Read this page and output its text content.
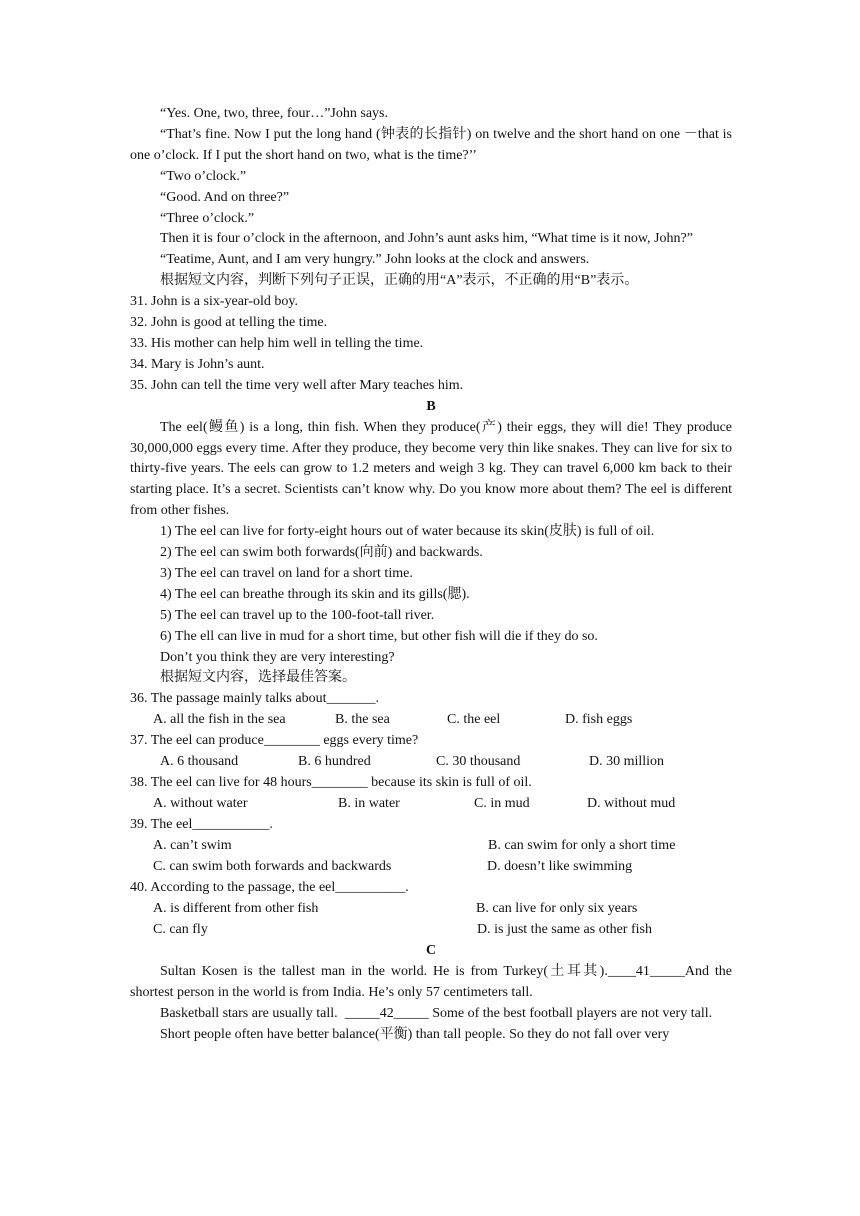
“Yes. One, two, three, four…”John says.

“That’s fine. Now I put the long hand (钟表的长指针) on twelve and the short hand on one －that is one o’clock. If I put the short hand on two, what is the time?’’

“Two o’clock.”

“Good. And on three?”

“Three o’clock.”

Then it is four o’clock in the afternoon, and John’s aunt asks him, “What time is it now, John?”

“Teatime, Aunt, and I am very hungry.” John looks at the clock and answers.

根据短文内容，判断下列句子正误，正确的用“A”表示，不正确的用“B”表示。

31. John is a six-year-old boy.

32. John is good at telling the time.

33. His mother can help him well in telling the time.

34. Mary is John’s aunt.

35. John can tell the time very well after Mary teaches him.

B

The eel(鳗鱼) is a long, thin fish. When they produce(产) their eggs, they will die! They produce 30,000,000 eggs every time. After they produce, they become very thin like snakes. They can live for six to thirty-five years. The eels can grow to 1.2 meters and weigh 3 kg. They can travel 6,000 km back to their starting place. It’s a secret. Scientists can’t know why. Do you know more about them? The eel is different from other fishes.

1) The eel can live for forty-eight hours out of water because its skin(皮肤) is full of oil.

2) The eel can swim both forwards(向前) and backwards.

3) The eel can travel on land for a short time.

4) The eel can breathe through its skin and its gills(腮).

5) The eel can travel up to the 100-foot-tall river.

6) The ell can live in mud for a short time, but other fish will die if they do so.

Don’t you think they are very interesting?

根据短文内容，选择最佳答案。

36. The passage mainly talks about_______.

A. all the fish in the sea	B. the sea	C. the eel	D. fish eggs

37. The eel can produce________ eggs every time?

A. 6 thousand	B. 6 hundred	C. 30 thousand	D. 30 million

38. The eel can live for 48 hours________ because its skin is full of oil.

A. without water	B. in water	C. in mud	D. without mud

39. The eel___________.

A. can’t swim	B. can swim for only a short time
C. can swim both forwards and backwards	D. doesn’t like swimming

40. According to the passage, the eel__________.

A. is different from other fish	B. can live for only six years
C. can fly	D. is just the same as other fish

C

Sultan Kosen is the tallest man in the world. He is from Turkey(土耳其).____41_____And the shortest person in the world is from India. He’s only 57 centimeters tall.

Basketball stars are usually tall.  _____42_____ Some of the best football players are not very tall.

Short people often have better balance(平衡) than tall people. So they do not fall over very
